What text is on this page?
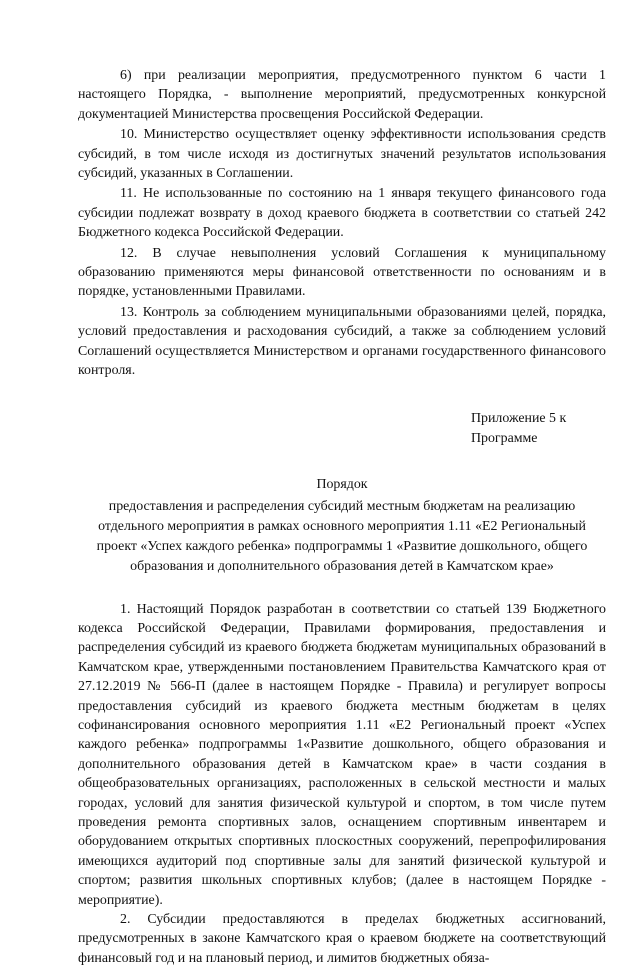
6) при реализации мероприятия, предусмотренного пунктом 6 части 1 настоящего Порядка, - выполнение мероприятий, предусмотренных конкурсной документацией Министерства просвещения Российской Федерации.

10. Министерство осуществляет оценку эффективности использования средств субсидий, в том числе исходя из достигнутых значений результатов использования субсидий, указанных в Соглашении.

11. Не использованные по состоянию на 1 января текущего финансового года субсидии подлежат возврату в доход краевого бюджета в соответствии со статьей 242 Бюджетного кодекса Российской Федерации.

12. В случае невыполнения условий Соглашения к муниципальному образованию применяются меры финансовой ответственности по основаниям и в порядке, установленными Правилами.

13. Контроль за соблюдением муниципальными образованиями целей, порядка, условий предоставления и расходования субсидий, а также за соблюдением условий Соглашений осуществляется Министерством и органами государственного финансового контроля.

Приложение 5 к
Программе
Порядок
предоставления и распределения субсидий местным бюджетам на реализацию отдельного мероприятия в рамках основного мероприятия 1.11 «Е2 Региональный проект «Успех каждого ребенка» подпрограммы 1 «Развитие дошкольного, общего образования и дополнительного образования детей в Камчатском крае»

1. Настоящий Порядок разработан в соответствии со статьей 139 Бюджетного кодекса Российской Федерации, Правилами формирования, предоставления и распределения субсидий из краевого бюджета бюджетам муниципальных образований в Камчатском крае, утвержденными постановлением Правительства Камчатского края от 27.12.2019 № 566-П (далее в настоящем Порядке - Правила) и регулирует вопросы предоставления субсидий из краевого бюджета местным бюджетам в целях софинансирования основного мероприятия 1.11 «Е2 Региональный проект «Успех каждого ребенка» подпрограммы 1«Развитие дошкольного, общего образования и дополнительного образования детей в Камчатском крае» в части создания в общеобразовательных организациях, расположенных в сельской местности и малых городах, условий для занятия физической культурой и спортом, в том числе путем проведения ремонта спортивных залов, оснащением спортивным инвентарем и оборудованием открытых спортивных плоскостных сооружений, перепрофилирования имеющихся аудиторий под спортивные залы для занятий физической культурой и спортом; развития школьных спортивных клубов; (далее в настоящем Порядке - мероприятие).

2. Субсидии предоставляются в пределах бюджетных ассигнований, предусмотренных в законе Камчатского края о краевом бюджете на соответствующий финансовый год и на плановый период, и лимитов бюджетных обяза-
